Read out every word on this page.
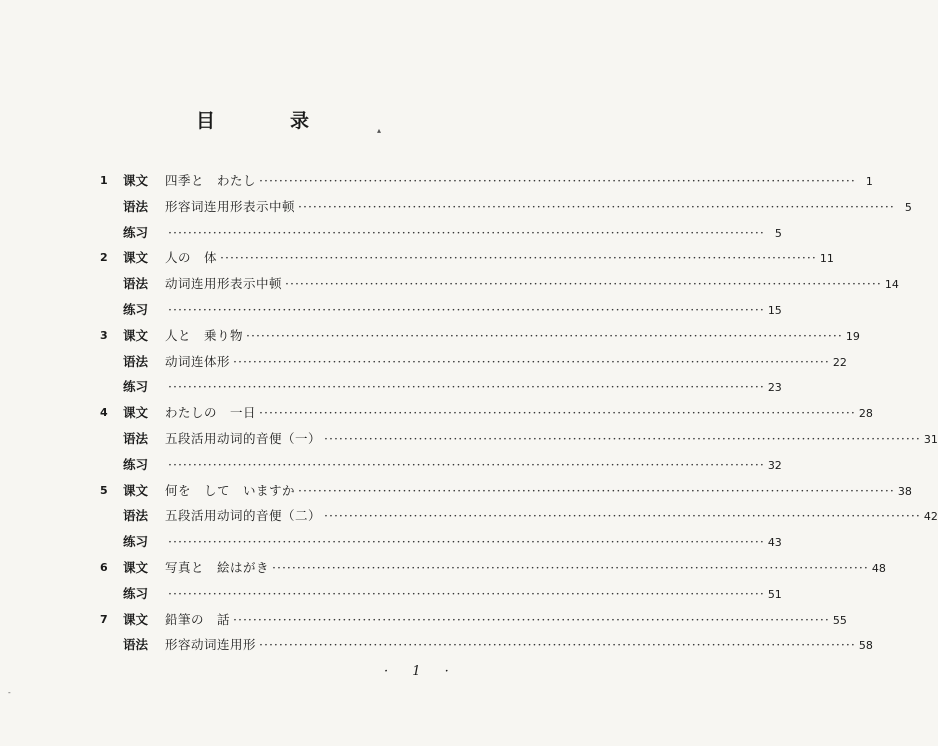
目　录
1	课文	四季と　わたし ························································································································ 1
语法	形容词连用形表示中顿 ························································································································ 5
练习	························································································································ 5
2	课文	人の　体 ························································································································ 11
语法	动词连用形表示中顿 ························································································································ 14
练习	························································································································ 15
3	课文	人と　乗り物 ························································································································ 19
语法	动词连体形 ························································································································ 22
练习	························································································································ 23
4	课文	わたしの　一日 ························································································································ 28
语法	五段活用动词的音便（一） ························································································································ 31
练习	························································································································ 32
5	课文	何を　して　いますか ························································································································ 38
语法	五段活用动词的音便（二） ························································································································ 42
练习	························································································································ 43
6	课文	写真と　絵はがき ························································································································ 48
练习	························································································································ 51
7	课文	鉛筆の　話 ························································································································ 55
语法	形容动词连用形 ························································································································ 58
· 1 ·
▴
-
